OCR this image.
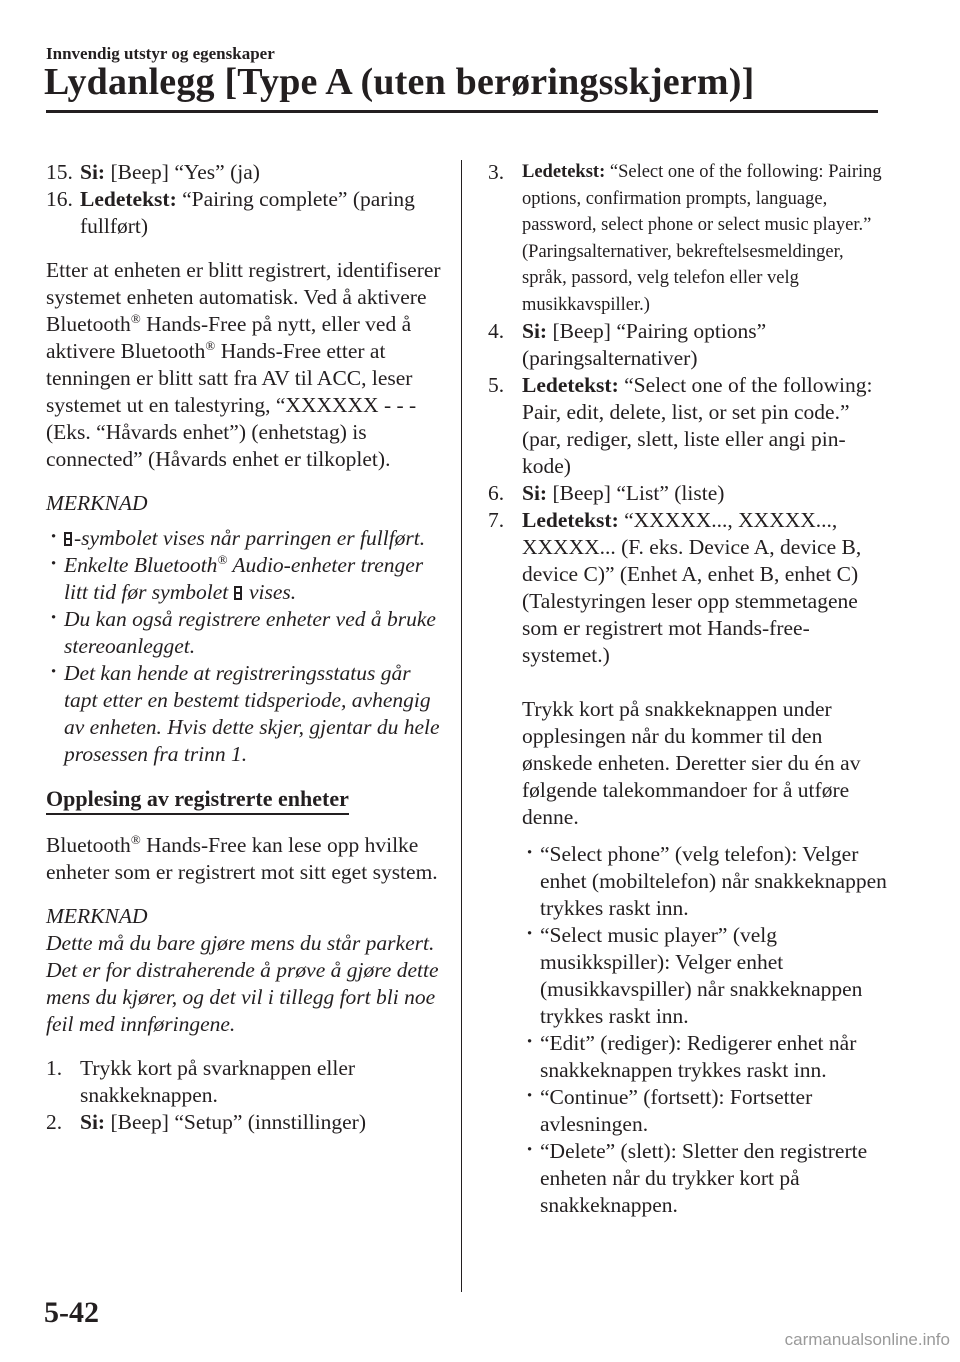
Innvendig utstyr og egenskaper
Lydanlegg [Type A (uten berøringsskjerm)]
15. Si: [Beep] “Yes” (ja)
16. Ledetekst: “Pairing complete” (paring fullført)

Etter at enheten er blitt registrert, identifiserer systemet enheten automatisk. Ved å aktivere Bluetooth® Hands-Free på nytt, eller ved å aktivere Bluetooth® Hands-Free etter at tenningen er blitt satt fra AV til ACC, leser systemet ut en talestyring, “XXXXXX - - - (Eks. “Håvards enhet”) (enhetstag) is connected” (Håvards enhet er tilkoplet).

MERKNAD
· -symbolet vises når parringen er fullført.
· Enkelte Bluetooth® Audio-enheter trenger litt tid før symbolet  vises.
· Du kan også registrere enheter ved å bruke stereoanlegget.
· Det kan hende at registreringsstatus går tapt etter en bestemt tidsperiode, avhengig av enheten. Hvis dette skjer, gjentar du hele prosessen fra trinn 1.
Opplesing av registrerte enheter

Bluetooth® Hands-Free kan lese opp hvilke enheter som er registrert mot sitt eget system.

MERKNAD
Dette må du bare gjøre mens du står parkert. Det er for distraherende å prøve å gjøre dette mens du kjører, og det vil i tillegg fort bli noe feil med innføringene.
1. Trykk kort på svarknappen eller snakkeknappen.
2. Si: [Beep] “Setup” (innstillinger)
3. Ledetekst: “Select one of the following: Pairing options, confirmation prompts, language, password, select phone or select music player.” (Paringsalternativer, bekreftelsesmeldinger, språk, passord, velg telefon eller velg musikkavspiller.)
4. Si: [Beep] “Pairing options” (paringsalternativer)
5. Ledetekst: “Select one of the following: Pair, edit, delete, list, or set pin code.” (par, rediger, slett, liste eller angi pin-kode)
6. Si: [Beep] “List” (liste)
7. Ledetekst: “XXXXX..., XXXXX..., XXXXX... (F. eks. Device A, device B, device C)” (Enhet A, enhet B, enhet C) (Talestyringen leser opp stemmetagene som er registrert mot Hands-free-systemet.)

Trykk kort på snakkeknappen under opplesingen når du kommer til den ønskede enheten. Deretter sier du én av følgende talekommandoer for å utføre denne.

· “Select phone” (velg telefon): Velger enhet (mobiltelefon) når snakkeknappen trykkes raskt inn.
· “Select music player” (velg musikkspiller): Velger enhet (musikkavspiller) når snakkeknappen trykkes raskt inn.
· “Edit” (rediger): Redigerer enhet når snakkeknappen trykkes raskt inn.
· “Continue” (fortsett): Fortsetter avlesningen.
· “Delete” (slett): Sletter den registrerte enheten når du trykker kort på snakkeknappen.
5-42
carmanualsonline.info
